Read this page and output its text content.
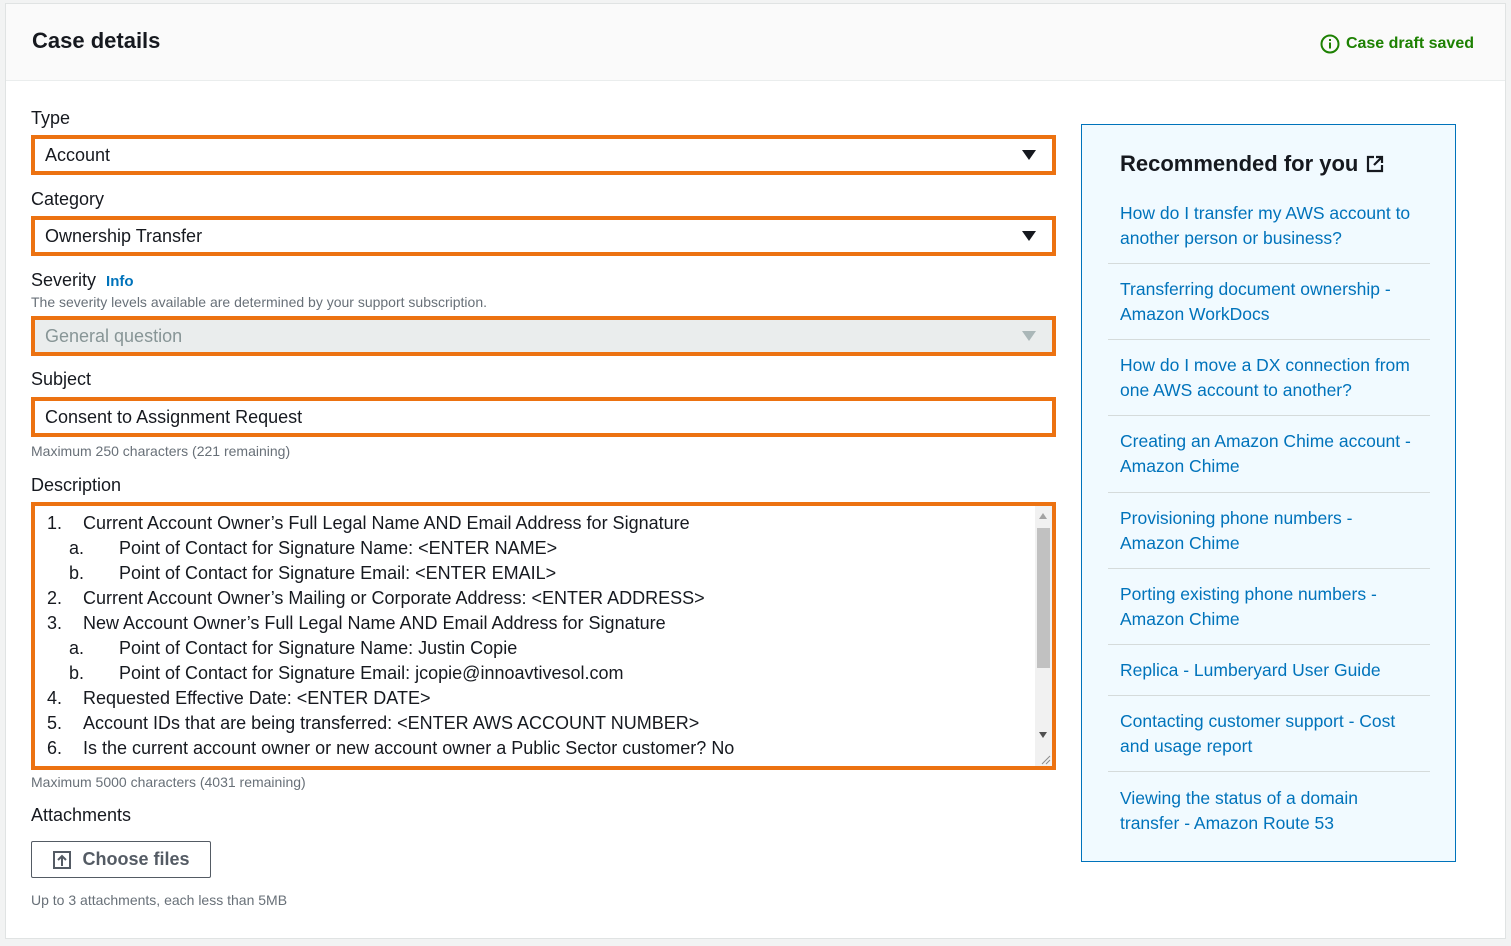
Case details	Case draft saved
Type
Account
Category
Ownership Transfer
Severity Info
The severity levels available are determined by your support subscription.
General question
Subject
Consent to Assignment Request
Maximum 250 characters (221 remaining)
Description
1. Current Account Owner’s Full Legal Name AND Email Address for Signature
a. Point of Contact for Signature Name: <ENTER NAME>
b. Point of Contact for Signature Email: <ENTER EMAIL>
2. Current Account Owner’s Mailing or Corporate Address: <ENTER ADDRESS>
3. New Account Owner’s Full Legal Name AND Email Address for Signature
a. Point of Contact for Signature Name: Justin Copie
b. Point of Contact for Signature Email: jcopie@innoavtivesol.com
4. Requested Effective Date: <ENTER DATE>
5. Account IDs that are being transferred: <ENTER AWS ACCOUNT NUMBER>
6. Is the current account owner or new account owner a Public Sector customer? No
Maximum 5000 characters (4031 remaining)
Attachments
Choose files
Up to 3 attachments, each less than 5MB
Recommended for you
How do I transfer my AWS account to
another person or business?
Transferring document ownership -
Amazon WorkDocs
How do I move a DX connection from
one AWS account to another?
Creating an Amazon Chime account -
Amazon Chime
Provisioning phone numbers -
Amazon Chime
Porting existing phone numbers -
Amazon Chime
Replica - Lumberyard User Guide
Contacting customer support - Cost
and usage report
Viewing the status of a domain
transfer - Amazon Route 53
